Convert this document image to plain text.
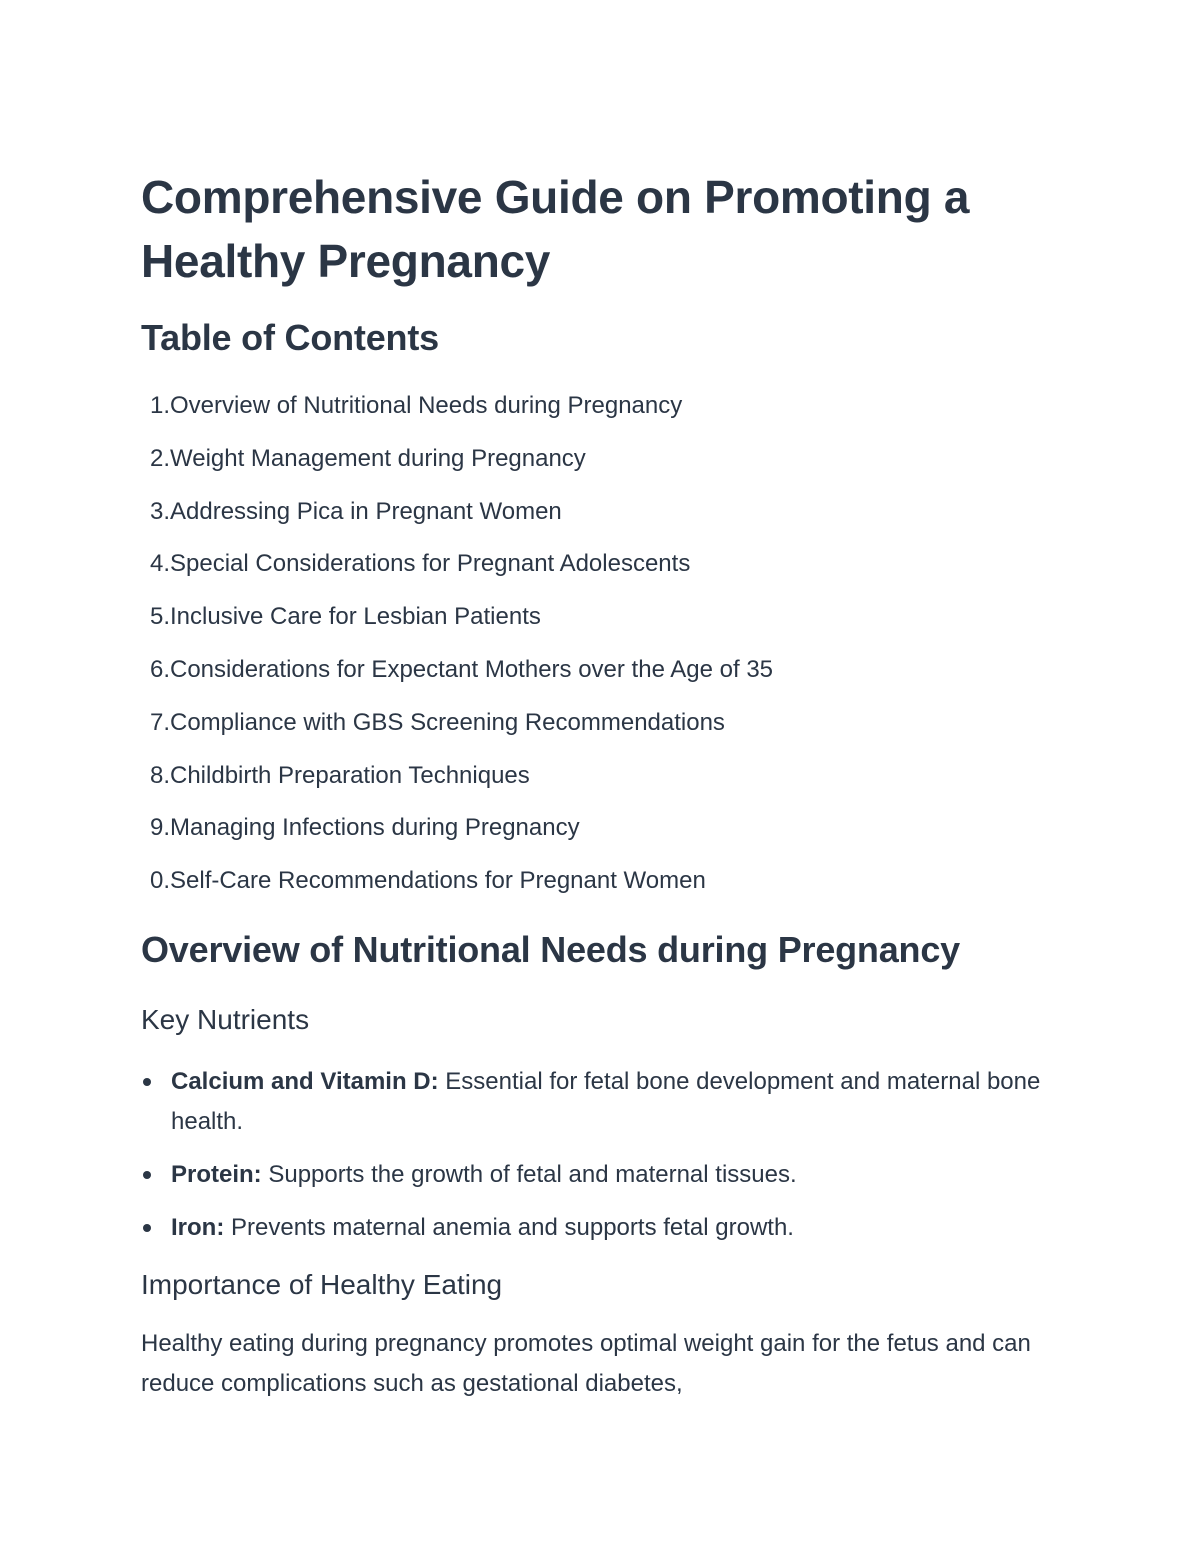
Comprehensive Guide on Promoting a Healthy Pregnancy
Table of Contents
1. Overview of Nutritional Needs during Pregnancy
2. Weight Management during Pregnancy
3. Addressing Pica in Pregnant Women
4. Special Considerations for Pregnant Adolescents
5. Inclusive Care for Lesbian Patients
6. Considerations for Expectant Mothers over the Age of 35
7. Compliance with GBS Screening Recommendations
8. Childbirth Preparation Techniques
9. Managing Infections during Pregnancy
0. Self-Care Recommendations for Pregnant Women
Overview of Nutritional Needs during Pregnancy
Key Nutrients
Calcium and Vitamin D: Essential for fetal bone development and maternal bone health.
Protein: Supports the growth of fetal and maternal tissues.
Iron: Prevents maternal anemia and supports fetal growth.
Importance of Healthy Eating

Healthy eating during pregnancy promotes optimal weight gain for the fetus and can reduce complications such as gestational diabetes,
